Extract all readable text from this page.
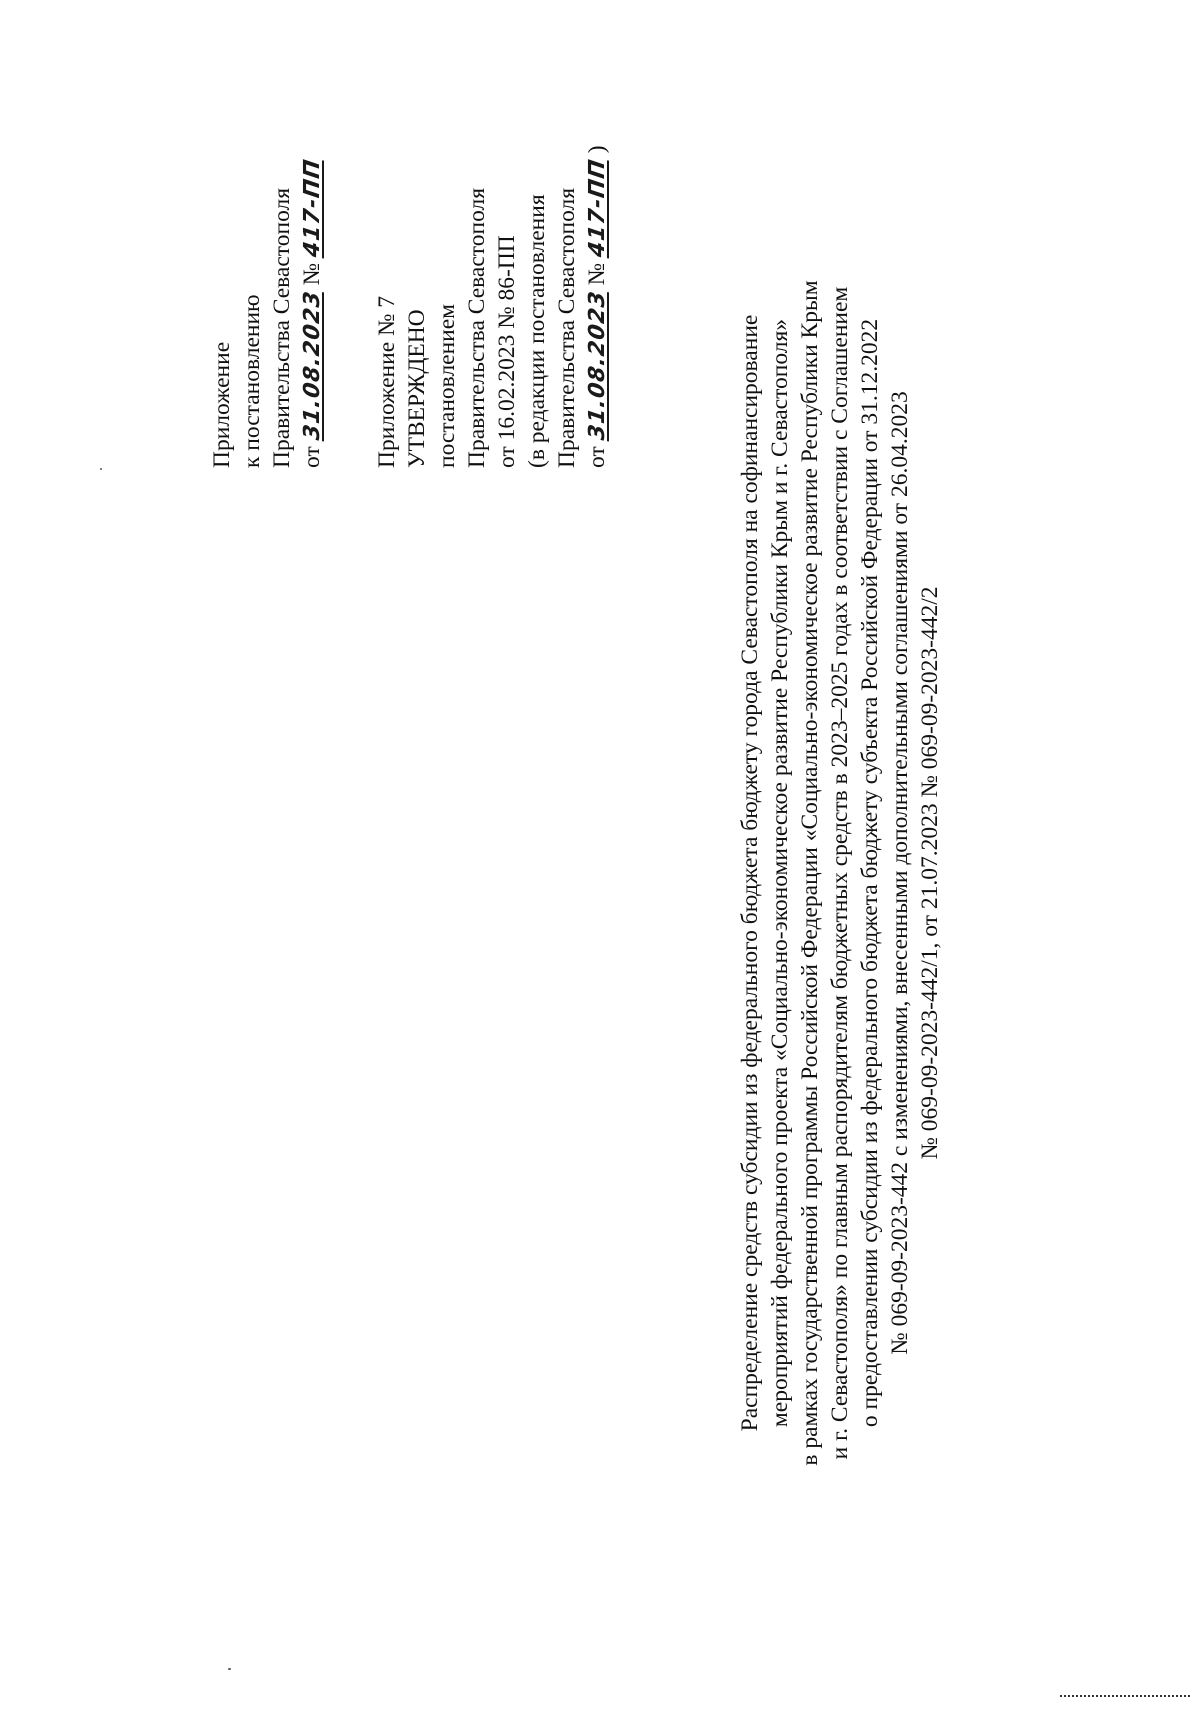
Приложение к постановлению Правительства Севастополя от 31.08.2023 № 417-ПП
Приложение № 7 УТВЕРЖДЕНО постановлением Правительства Севастополя от 16.02.2023 № 86-ПП (в редакции постановления Правительства Севастополя от 31.08.2023 № 417-ПП )
Распределение средств субсидии из федерального бюджета бюджету города Севастополя на софинансирование мероприятий федерального проекта «Социально-экономическое развитие Республики Крым и г. Севастополя» в рамках государственной программы Российской Федерации «Социально-экономическое развитие Республики Крым и г. Севастополя» по главным распорядителям бюджетных средств в 2023–2025 годах в соответствии с Соглашением о предоставлении субсидии из федерального бюджета бюджету субъекта Российской Федерации от 31.12.2022 № 069-09-2023-442 с изменениями, внесенными дополнительными соглашениями от 26.04.2023 № 069-09-2023-442/1, от 21.07.2023 № 069-09-2023-442/2
